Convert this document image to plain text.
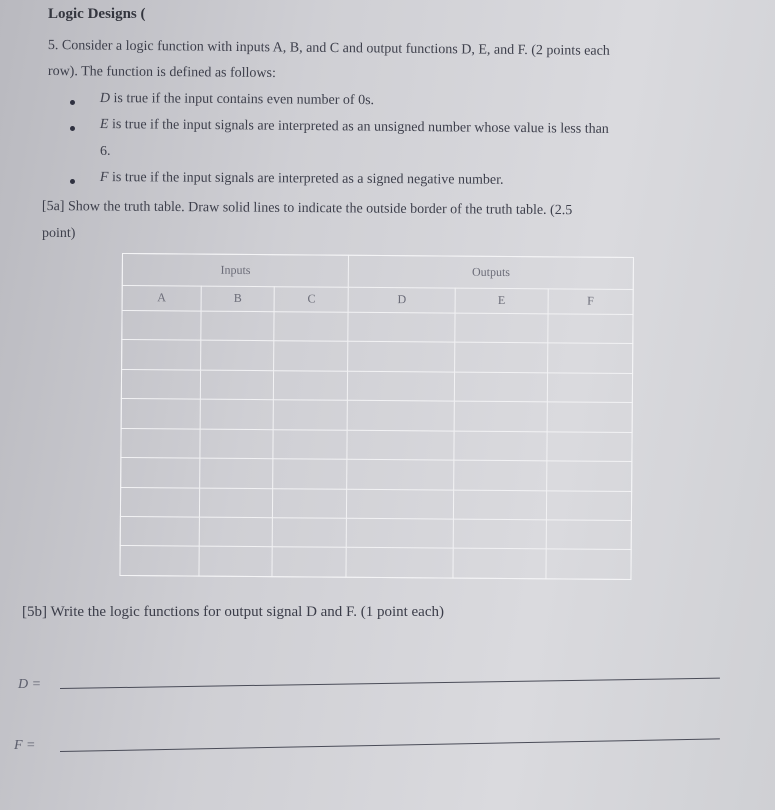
Logic Designs (
5. Consider a logic function with inputs A, B, and C and output functions D, E, and F. (2 points each
row). The function is defined as follows:
D is true if the input contains even number of 0s.
E is true if the input signals are interpreted as an unsigned number whose value is less than
6.
F is true if the input signals are interpreted as a signed negative number.
[5a] Show the truth table. Draw solid lines to indicate the outside border of the truth table. (2.5
point)
Inputs			Outputs		
A	B	C	D	E	F

[5b] Write the logic functions for output signal D and F. (1 point each)
D =
F =
